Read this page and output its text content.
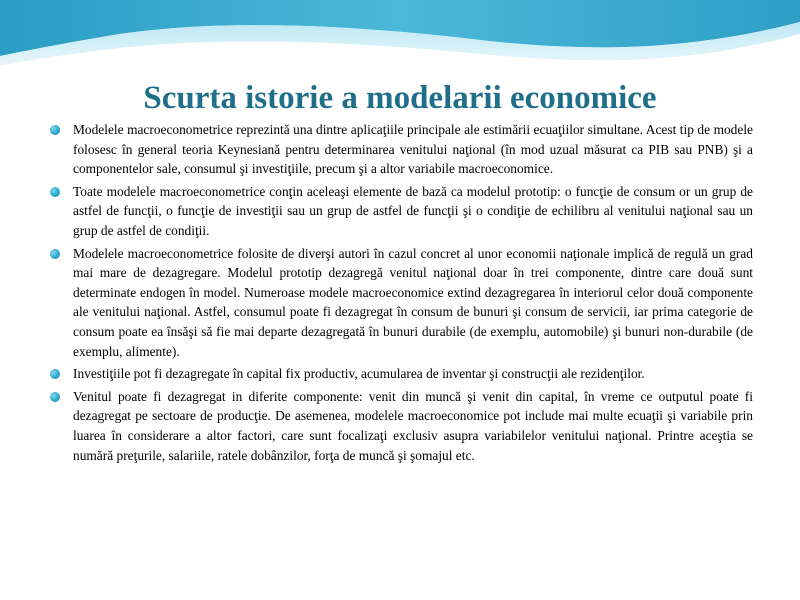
Scurta istorie a modelarii economice
Modelele macroeconometrice reprezintă una dintre aplicaţiile principale ale estimării ecuaţiilor simultane. Acest tip de modele folosesc în general teoria Keynesiană pentru determinarea venitului naţional (în mod uzual măsurat ca PIB sau PNB) şi a componentelor sale, consumul şi investiţiile, precum şi a altor variabile macroeconomice.
Toate modelele macroeconometrice conţin aceleaşi elemente de bază ca modelul prototip: o funcţie de consum or un grup de astfel de funcţii, o funcţie de investiţii sau un grup de astfel de funcţii şi o condiţie de echilibru al venitului naţional sau un grup de astfel de condiţii.
Modelele macroeconometrice folosite de diverşi autori în cazul concret al unor economii naţionale implică de regulă un grad mai mare de dezagregare. Modelul prototip dezagregă venitul naţional doar în trei componente, dintre care două sunt determinate endogen în model. Numeroase modele macroeconomice extind dezagregarea în interiorul celor două componente ale venitului naţional. Astfel, consumul poate fi dezagregat în consum de bunuri şi consum de servicii, iar prima categorie de consum poate ea însăşi să fie mai departe dezagregată în bunuri durabile (de exemplu, automobile) şi bunuri non-durabile (de exemplu, alimente).
Investiţiile pot fi dezagregate în capital fix productiv, acumularea de inventar şi construcţii ale rezidenţilor.
Venitul poate fi dezagregat in diferite componente: venit din muncă şi venit din capital, în vreme ce outputul poate fi dezagregat pe sectoare de producţie. De asemenea, modelele macroeconomice pot include mai multe ecuaţii şi variabile prin luarea în considerare a altor factori, care sunt focalizaţi exclusiv asupra variabilelor venitului naţional. Printre aceştia se numără preţurile, salariile, ratele dobânzilor, forţa de muncă şi şomajul etc.
